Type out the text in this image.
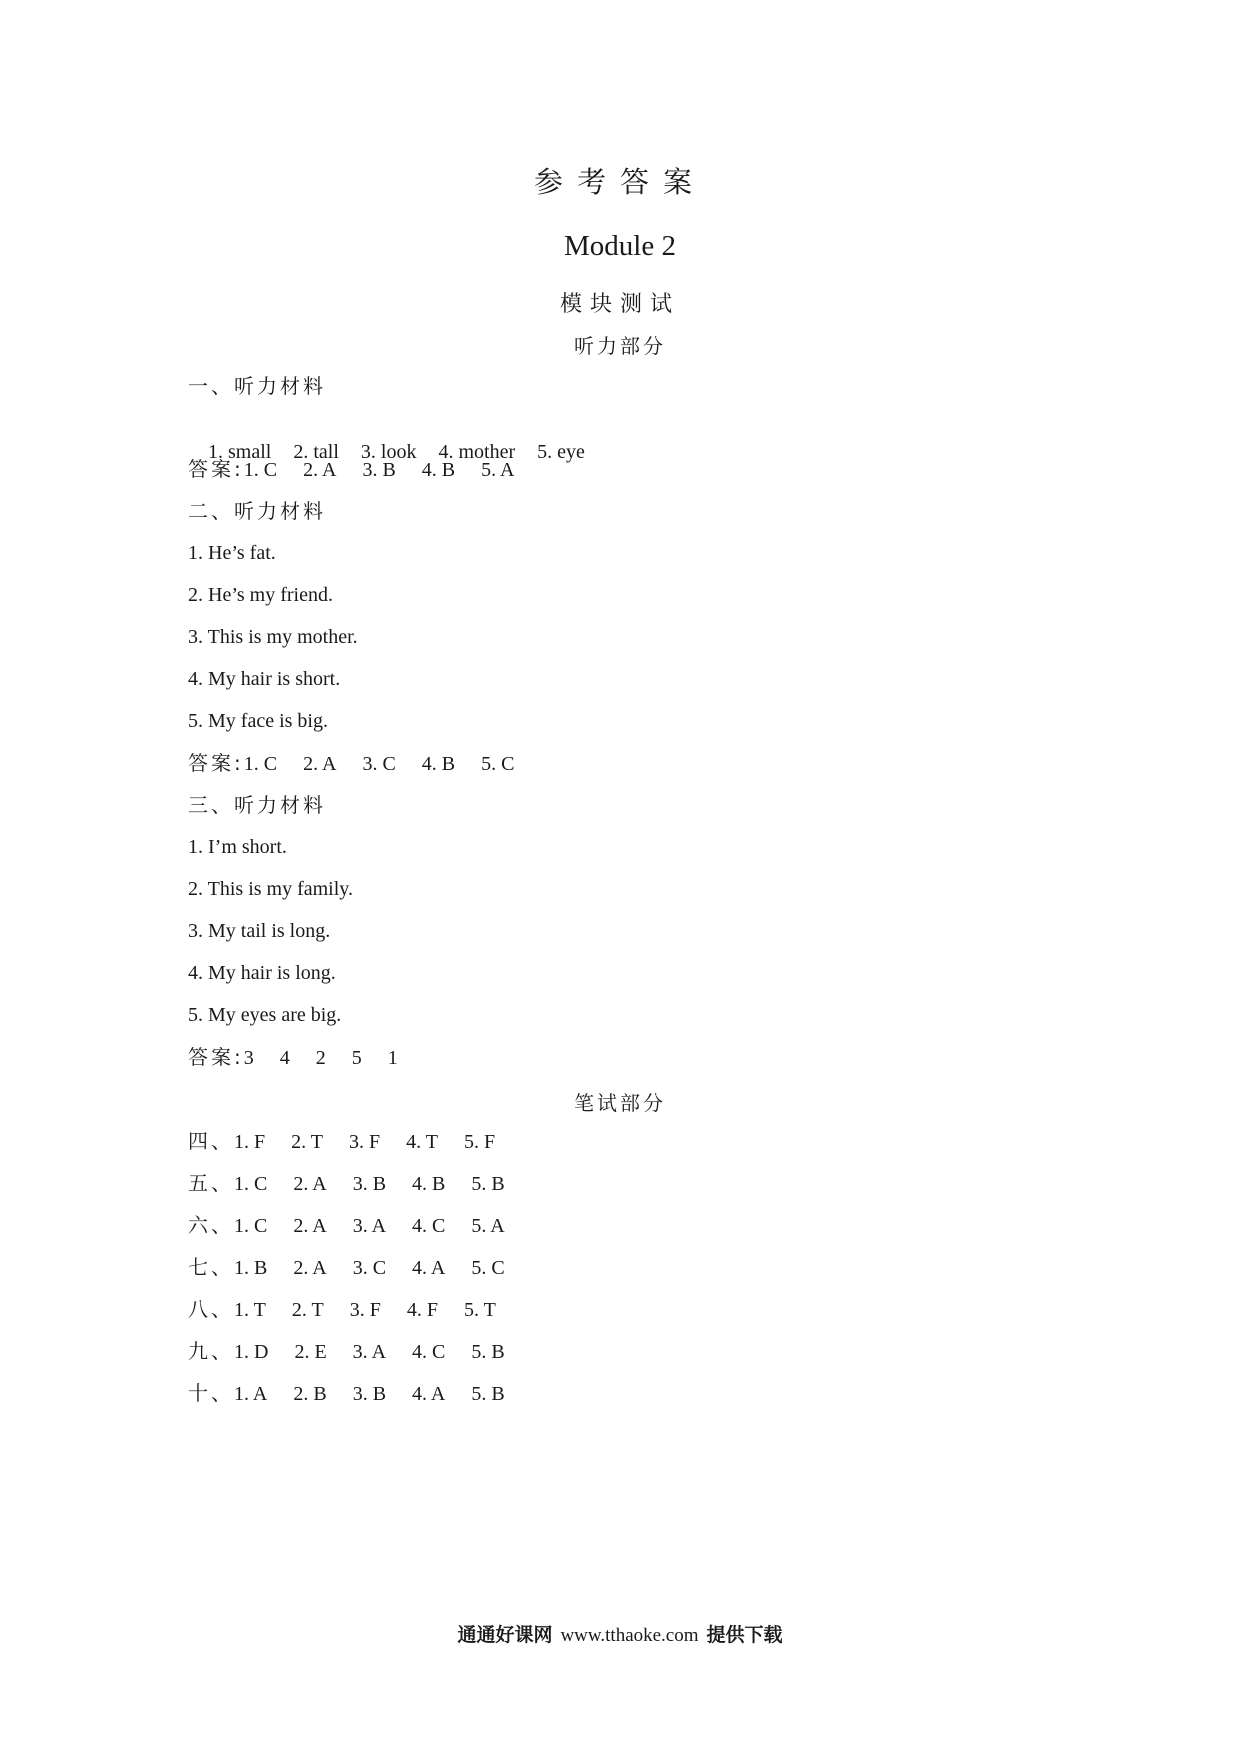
参考答案
Module 2
模块测试
听力部分
一、听力材料

1. small 2. tall 3. look 4. mother 5. eye

答案:1. C 2. A 3. B 4. B 5. A
二、听力材料
1. He’s fat.
2. He’s my friend.
3. This is my mother.
4. My hair is short.
5. My face is big.
答案:1. C 2. A 3. C 4. B 5. C
三、听力材料
1. I’m short.
2. This is my family.
3. My tail is long.
4. My hair is long.
5. My eyes are big.
答案:3 4 2 5 1
笔试部分
四、1. F 2. T 3. F 4. T 5. F
五、1. C 2. A 3. B 4. B 5. B
六、1. C 2. A 3. A 4. C 5. A
七、1. B 2. A 3. C 4. A 5. C
八、1. T 2. T 3. F 4. F 5. T
九、1. D 2. E 3. A 4. C 5. B
十、1. A 2. B 3. B 4. A 5. B
通通好课网 www.tthaoke.com 提供下载
